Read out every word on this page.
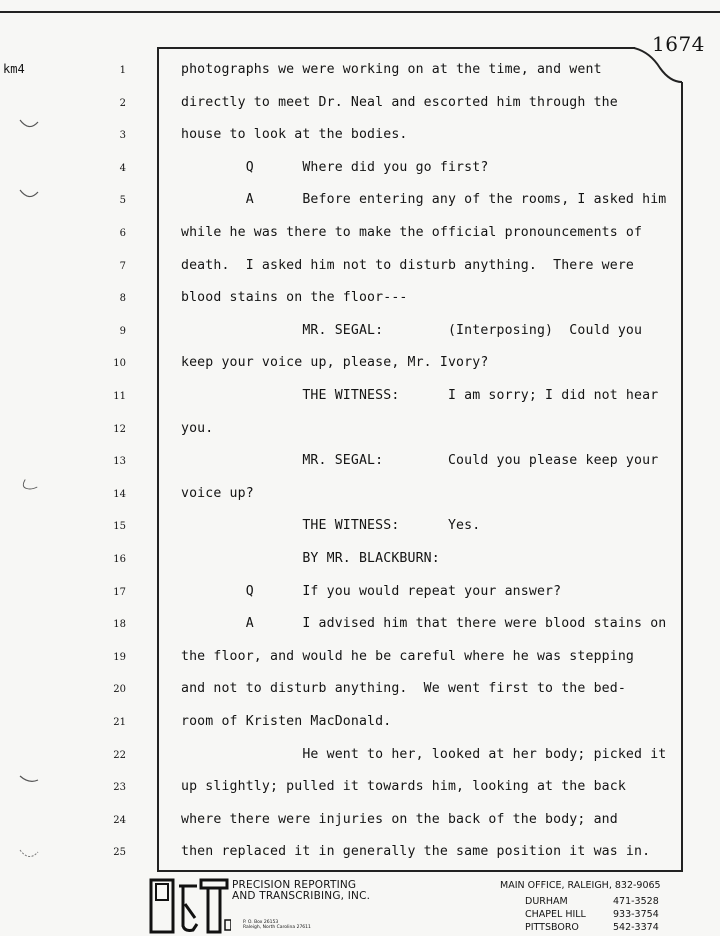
1674
km4	1	photographs we were working on at the time, and went
2	directly to meet Dr. Neal and escorted him through the
3	house to look at the bodies.
4	Q      Where did you go first?
5	A      Before entering any of the rooms, I asked him
6	while he was there to make the official pronouncements of
7	death.  I asked him not to disturb anything.  There were
8	blood stains on the floor---
9	MR. SEGAL:        (Interposing)  Could you
10	keep your voice up, please, Mr. Ivory?
11	THE WITNESS:      I am sorry; I did not hear
12	you.
13	MR. SEGAL:        Could you please keep your
14	voice up?
15	THE WITNESS:      Yes.
16	BY MR. BLACKBURN:
17	Q      If you would repeat your answer?
18	A      I advised him that there were blood stains on
19	the floor, and would he be careful where he was stepping
20	and not to disturb anything.  We went first to the bed-
21	room of Kristen MacDonald.
22	He went to her, looked at her body; picked it
23	up slightly; pulled it towards him, looking at the back
24	where there were injuries on the back of the body; and
25	then replaced it in generally the same position it was in.
PRECISION REPORTING
AND TRANSCRIBING, INC.
P. O. Box 26153
Raleigh, North Carolina 27611
MAIN OFFICE, RALEIGH, 832-9065
DURHAM	471-3528
CHAPEL HILL	933-3754
PITTSBORO	542-3374
